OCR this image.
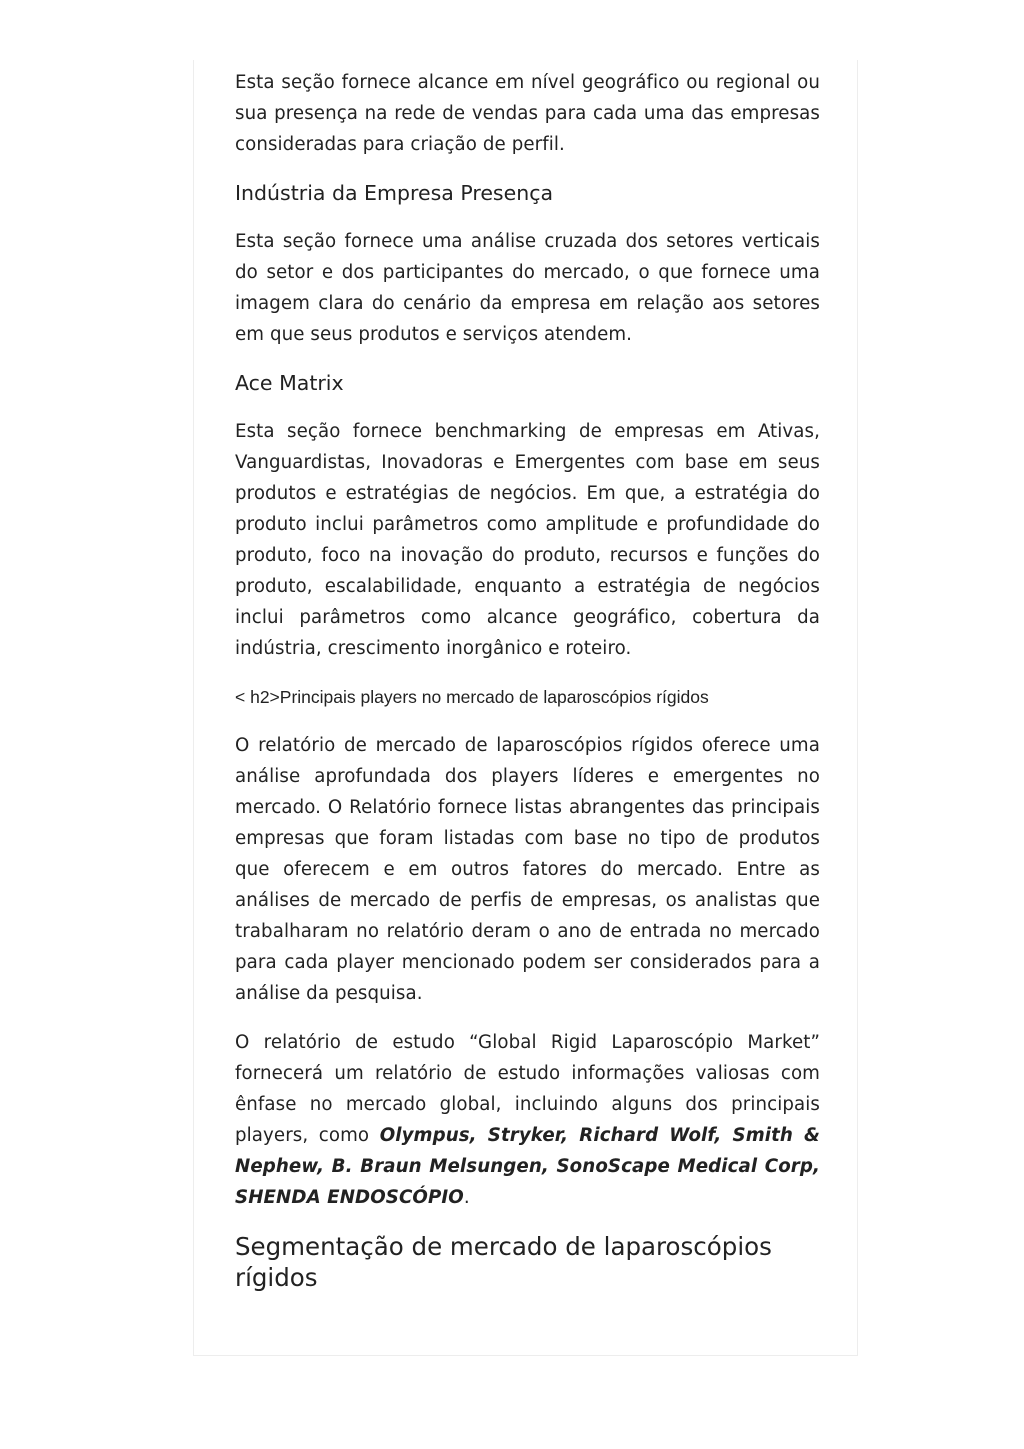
Esta seção fornece alcance em nível geográfico ou regional ou sua presença na rede de vendas para cada uma das empresas consideradas para criação de perfil.

Indústria da Empresa Presença

Esta seção fornece uma análise cruzada dos setores verticais do setor e dos participantes do mercado, o que fornece uma imagem clara do cenário da empresa em relação aos setores em que seus produtos e serviços atendem.

Ace Matrix

Esta seção fornece benchmarking de empresas em Ativas, Vanguardistas, Inovadoras e Emergentes com base em seus produtos e estratégias de negócios. Em que, a estratégia do produto inclui parâmetros como amplitude e profundidade do produto, foco na inovação do produto, recursos e funções do produto, escalabilidade, enquanto a estratégia de negócios inclui parâmetros como alcance geográfico, cobertura da indústria, crescimento inorgânico e roteiro.

< h2>Principais players no mercado de laparoscópios rígidos

O relatório de mercado de laparoscópios rígidos oferece uma análise aprofundada dos players líderes e emergentes no mercado. O Relatório fornece listas abrangentes das principais empresas que foram listadas com base no tipo de produtos que oferecem e em outros fatores do mercado. Entre as análises de mercado de perfis de empresas, os analistas que trabalharam no relatório deram o ano de entrada no mercado para cada player mencionado podem ser considerados para a análise da pesquisa.

O relatório de estudo “Global Rigid Laparoscópio Market” fornecerá um relatório de estudo informações valiosas com ênfase no mercado global, incluindo alguns dos principais players, como Olympus, Stryker, Richard Wolf, Smith & Nephew, B. Braun Melsungen, SonoScape Medical Corp, SHENDA ENDOSCÓPIO.

Segmentação de mercado de laparoscópios rígidos
